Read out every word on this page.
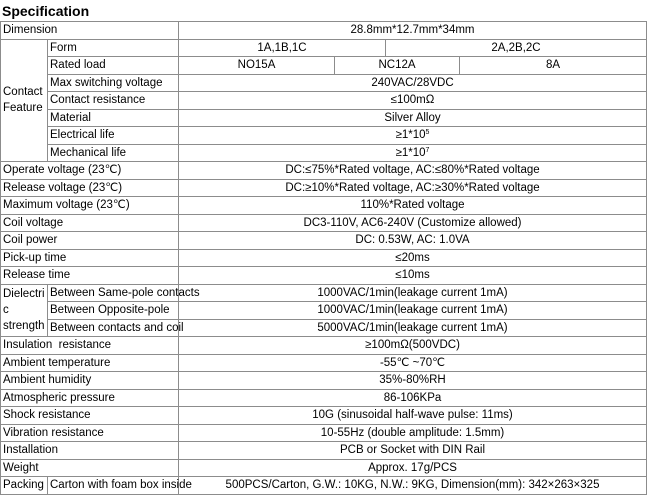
Specification
Dimension		28.8mm*12.7mm*34mm			
Contact
Feature	Form	1A,1B,1C		2A,2B,2C	
	Rated load	NO15A	NC12A		8A
	Max switching voltage	240VAC/28VDC			
	Contact resistance	≤100mΩ			
	Material	Silver Alloy			
	Electrical life	$\ge 1*10^5$
	Mechanical life	$\ge 1*10^7$
Operate voltage (23℃)		DC:≤75%*Rated voltage, AC:≤80%*Rated voltage			
Release voltage (23℃)		DC:≥10%*Rated voltage, AC:≥30%*Rated voltage			
Maximum voltage (23℃)		110%*Rated voltage			
Coil voltage		DC3-110V, AC6-240V (Customize allowed)			
Coil power		DC: 0.53W, AC: 1.0VA			
Pick-up time		≤20ms			
Release time		≤10ms			
Dielectri
c
strength	Between Same-pole contacts	1000VAC/1min(leakage current 1mA)			
	Between Opposite-pole	1000VAC/1min(leakage current 1mA)			
	Between contacts and coil	5000VAC/1min(leakage current 1mA)			
Insulation  resistance		≥100mΩ(500VDC)			
Ambient temperature		-55℃ ~70℃			
Ambient humidity		35%-80%RH			
Atmospheric pressure		86-106KPa			
Shock resistance		10G (sinusoidal half-wave pulse: 11ms)			
Vibration resistance		10-55Hz (double amplitude: 1.5mm)			
Installation		PCB or Socket with DIN Rail			
Weight		Approx. 17g/PCS			
Packing	Carton with foam box inside	500PCS/Carton, G.W.: 10KG, N.W.: 9KG, Dimension(mm): 342×263×325			
